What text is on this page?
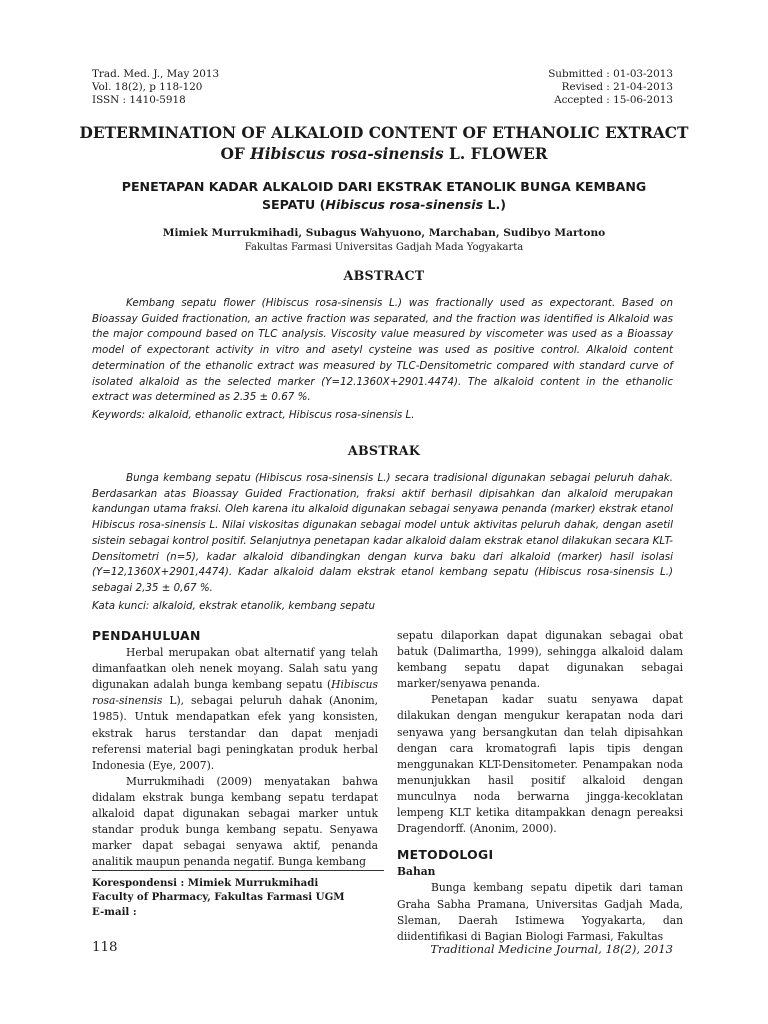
Trad. Med. J., May 2013
Vol. 18(2), p 118-120
ISSN : 1410-5918
Submitted : 01-03-2013
Revised : 21-04-2013
Accepted : 15-06-2013
DETERMINATION OF ALKALOID CONTENT OF ETHANOLIC EXTRACT
OF Hibiscus rosa-sinensis L. FLOWER
PENETAPAN KADAR ALKALOID DARI EKSTRAK ETANOLIK BUNGA KEMBANG
SEPATU (Hibiscus rosa-sinensis L.)
Mimiek Murrukmihadi, Subagus Wahyuono, Marchaban, Sudibyo Martono
Fakultas Farmasi Universitas Gadjah Mada Yogyakarta
ABSTRACT
Kembang sepatu flower (Hibiscus rosa-sinensis L.) was fractionally used as expectorant. Based on Bioassay Guided fractionation, an active fraction was separated, and the fraction was identified is Alkaloid was the major compound based on TLC analysis. Viscosity value measured by viscometer was used as a Bioassay model of expectorant activity in vitro and asetyl cysteine was used as positive control. Alkaloid content determination of the ethanolic extract was measured by TLC-Densitometric compared with standard curve of isolated alkaloid as the selected marker (Y=12.1360X+2901.4474). The alkaloid content in the ethanolic extract was determined as 2.35 ± 0.67 %.
Keywords: alkaloid, ethanolic extract, Hibiscus rosa-sinensis L.
ABSTRAK
Bunga kembang sepatu (Hibiscus rosa-sinensis L.) secara tradisional digunakan sebagai peluruh dahak. Berdasarkan atas Bioassay Guided Fractionation, fraksi aktif berhasil dipisahkan dan alkaloid merupakan kandungan utama fraksi. Oleh karena itu alkaloid digunakan sebagai senyawa penanda (marker) ekstrak etanol Hibiscus rosa-sinensis L. Nilai viskositas digunakan sebagai model untuk aktivitas peluruh dahak, dengan asetil sistein sebagai kontrol positif. Selanjutnya penetapan kadar alkaloid dalam ekstrak etanol dilakukan secara KLT-Densitometri (n=5), kadar alkaloid dibandingkan dengan kurva baku dari alkaloid (marker) hasil isolasi (Y=12,1360X+2901,4474). Kadar alkaloid dalam ekstrak etanol kembang sepatu (Hibiscus rosa-sinensis L.) sebagai 2,35 ± 0,67 %.
Kata kunci: alkaloid, ekstrak etanolik, kembang sepatu
PENDAHULUAN

Herbal merupakan obat alternatif yang telah dimanfaatkan oleh nenek moyang. Salah satu yang digunakan adalah bunga kembang sepatu (Hibiscus rosa-sinensis L), sebagai peluruh dahak (Anonim, 1985). Untuk mendapatkan efek yang konsisten, ekstrak harus terstandar dan dapat menjadi referensi material bagi peningkatan produk herbal Indonesia (Eye, 2007).

Murrukmihadi (2009) menyatakan bahwa didalam ekstrak bunga kembang sepatu terdapat alkaloid dapat digunakan sebagai marker untuk standar produk bunga kembang sepatu. Senyawa marker dapat sebagai senyawa aktif, penanda analitik maupun penanda negatif. Bunga kembang

sepatu dilaporkan dapat digunakan sebagai obat batuk (Dalimartha, 1999), sehingga alkaloid dalam kembang sepatu dapat digunakan sebagai marker/senyawa penanda.

Penetapan kadar suatu senyawa dapat dilakukan dengan mengukur kerapatan noda dari senyawa yang bersangkutan dan telah dipisahkan dengan cara kromatografi lapis tipis dengan menggunakan KLT-Densitometer. Penampakan noda menunjukkan hasil positif alkaloid dengan munculnya noda berwarna jingga-kecoklatan lempeng KLT ketika ditampakkan denagn pereaksi Dragendorff. (Anonim, 2000).

METODOLOGI
Bahan

Bunga kembang sepatu dipetik dari taman Graha Sabha Pramana, Universitas Gadjah Mada, Sleman, Daerah Istimewa Yogyakarta, dan diidentifikasi di Bagian Biologi Farmasi, Fakultas

Korespondensi : Mimiek Murrukmihadi
Faculty of Pharmacy, Fakultas Farmasi UGM
E-mail :
118	Traditional Medicine Journal, 18(2), 2013
